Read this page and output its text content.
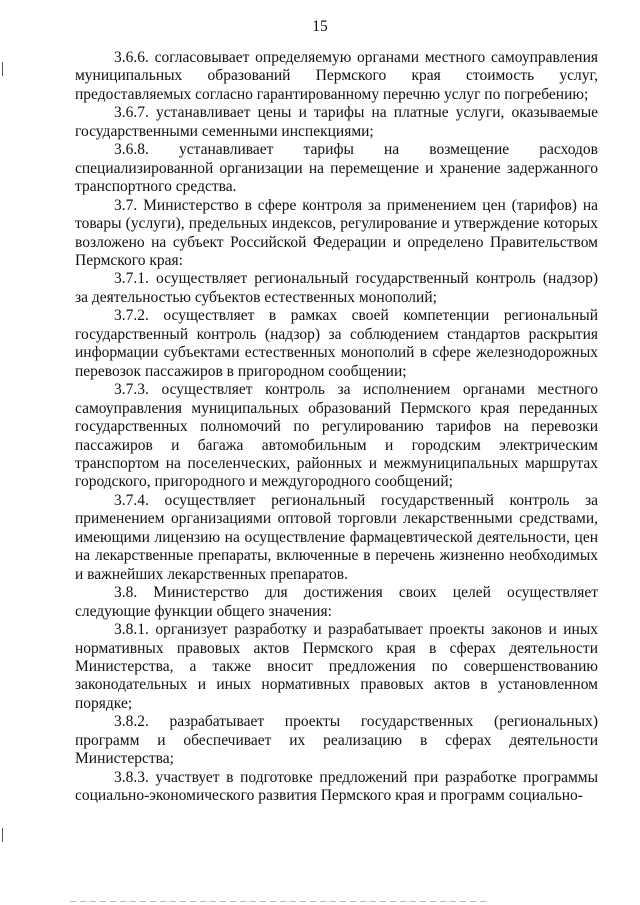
15

3.6.6. согласовывает определяемую органами местного самоуправления муниципальных образований Пермского края стоимость услуг, предоставляемых согласно гарантированному перечню услуг по погребению;

3.6.7. устанавливает цены и тарифы на платные услуги, оказываемые государственными семенными инспекциями;

3.6.8. устанавливает тарифы на возмещение расходов специализированной организации на перемещение и хранение задержанного транспортного средства.

3.7. Министерство в сфере контроля за применением цен (тарифов) на товары (услуги), предельных индексов, регулирование и утверждение которых возложено на субъект Российской Федерации и определено Правительством Пермского края:

3.7.1. осуществляет региональный государственный контроль (надзор) за деятельностью субъектов естественных монополий;

3.7.2. осуществляет в рамках своей компетенции региональный государственный контроль (надзор) за соблюдением стандартов раскрытия информации субъектами естественных монополий в сфере железнодорожных перевозок пассажиров в пригородном сообщении;

3.7.3. осуществляет контроль за исполнением органами местного самоуправления муниципальных образований Пермского края переданных государственных полномочий по регулированию тарифов на перевозки пассажиров и багажа автомобильным и городским электрическим транспортом на поселенческих, районных и межмуниципальных маршрутах городского, пригородного и междугородного сообщений;

3.7.4. осуществляет региональный государственный контроль за применением организациями оптовой торговли лекарственными средствами, имеющими лицензию на осуществление фармацевтической деятельности, цен на лекарственные препараты, включенные в перечень жизненно необходимых и важнейших лекарственных препаратов.

3.8. Министерство для достижения своих целей осуществляет следующие функции общего значения:

3.8.1. организует разработку и разрабатывает проекты законов и иных нормативных правовых актов Пермского края в сферах деятельности Министерства, а также вносит предложения по совершенствованию законодательных и иных нормативных правовых актов в установленном порядке;

3.8.2. разрабатывает проекты государственных (региональных) программ и обеспечивает их реализацию в сферах деятельности Министерства;

3.8.3. участвует в подготовке предложений при разработке программы социально-экономического развития Пермского края и программ социально-
